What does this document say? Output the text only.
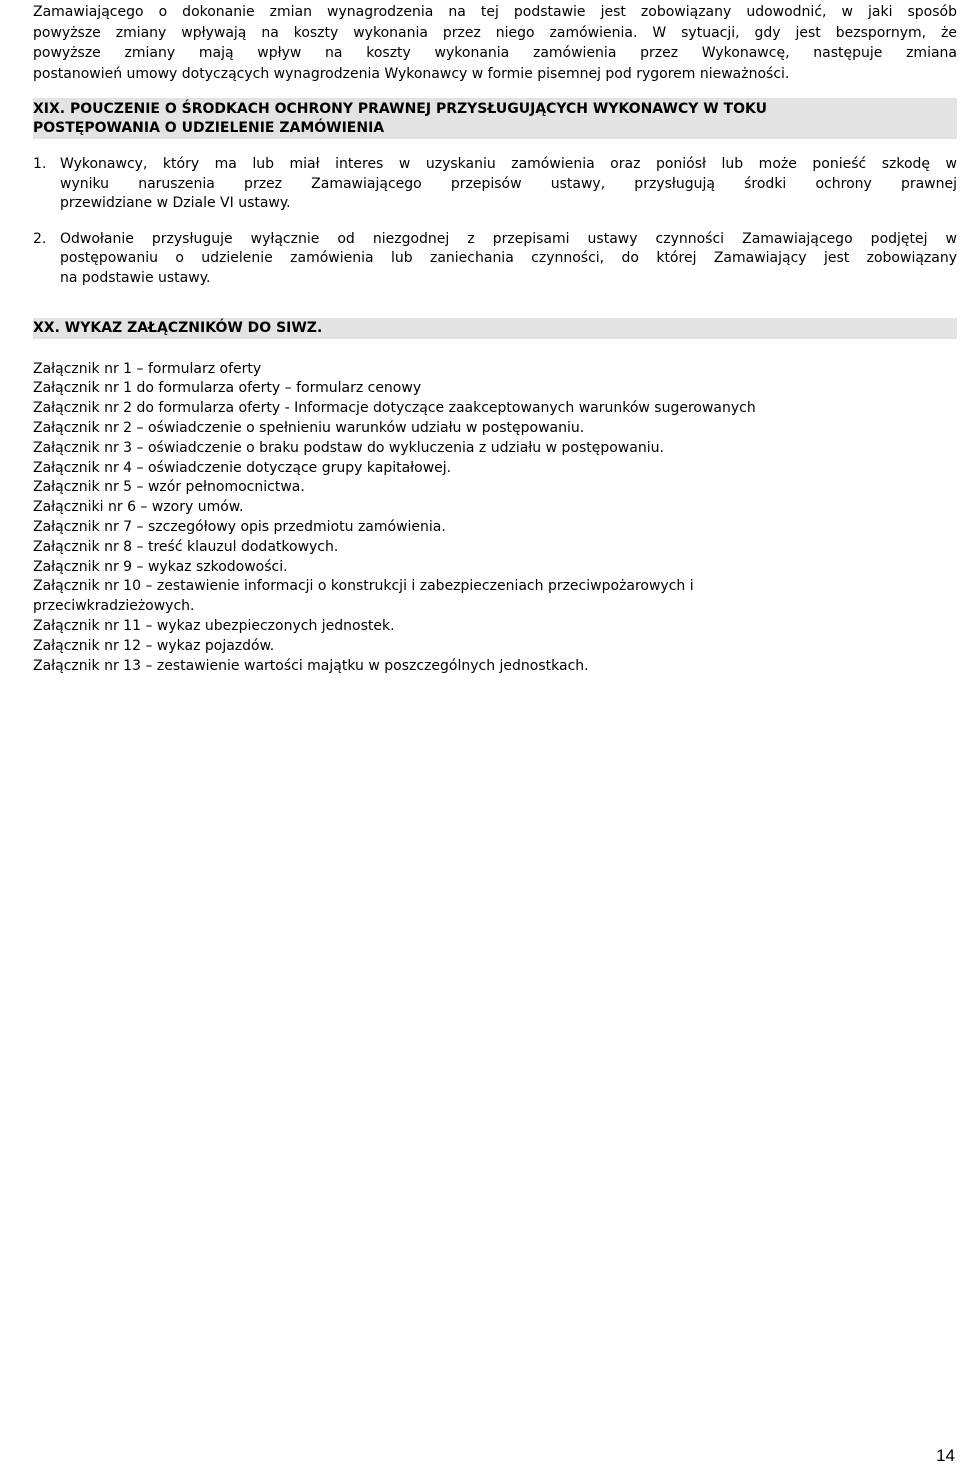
Zamawiającego o dokonanie zmian wynagrodzenia na tej podstawie jest zobowiązany udowodnić, w jaki sposób
powyższe zmiany wpływają na koszty wykonania przez niego zamówienia. W sytuacji, gdy jest bezspornym, że
powyższe zmiany mają wpływ na koszty wykonania zamówienia przez Wykonawcę, następuje zmiana
postanowień umowy dotyczących wynagrodzenia Wykonawcy w formie pisemnej pod rygorem nieważności.
XIX. POUCZENIE O ŚRODKACH OCHRONY PRAWNEJ PRZYSŁUGUJĄCYCH WYKONAWCY W TOKU
POSTĘPOWANIA O UDZIELENIE ZAMÓWIENIA
1. Wykonawcy, który ma lub miał interes w uzyskaniu zamówienia oraz poniósł lub może ponieść szkodę w
wyniku naruszenia przez Zamawiającego przepisów ustawy, przysługują środki ochrony prawnej
przewidziane w Dziale VI ustawy.
2. Odwołanie przysługuje wyłącznie od niezgodnej z przepisami ustawy czynności Zamawiającego podjętej w
postępowaniu o udzielenie zamówienia lub zaniechania czynności, do której Zamawiający jest zobowiązany
na podstawie ustawy.
XX. WYKAZ ZAŁĄCZNIKÓW DO SIWZ.
Załącznik nr 1 – formularz oferty
Załącznik nr 1 do formularza oferty – formularz cenowy
Załącznik nr 2 do formularza oferty - Informacje dotyczące zaakceptowanych warunków sugerowanych
Załącznik nr 2 – oświadczenie o spełnieniu warunków udziału w postępowaniu.
Załącznik nr 3 – oświadczenie o braku podstaw do wykluczenia z udziału w postępowaniu.
Załącznik nr 4 – oświadczenie dotyczące grupy kapitałowej.
Załącznik nr 5 – wzór pełnomocnictwa.
Załączniki nr 6 – wzory umów.
Załącznik nr 7 – szczegółowy opis przedmiotu zamówienia.
Załącznik nr 8 – treść klauzul dodatkowych.
Załącznik nr 9 – wykaz szkodowości.
Załącznik nr 10 – zestawienie informacji o konstrukcji i zabezpieczeniach przeciwpożarowych i
przeciwkradzieżowych.
Załącznik nr 11 – wykaz ubezpieczonych jednostek.
Załącznik nr 12 – wykaz pojazdów.
Załącznik nr 13 – zestawienie wartości majątku w poszczególnych jednostkach.
14
